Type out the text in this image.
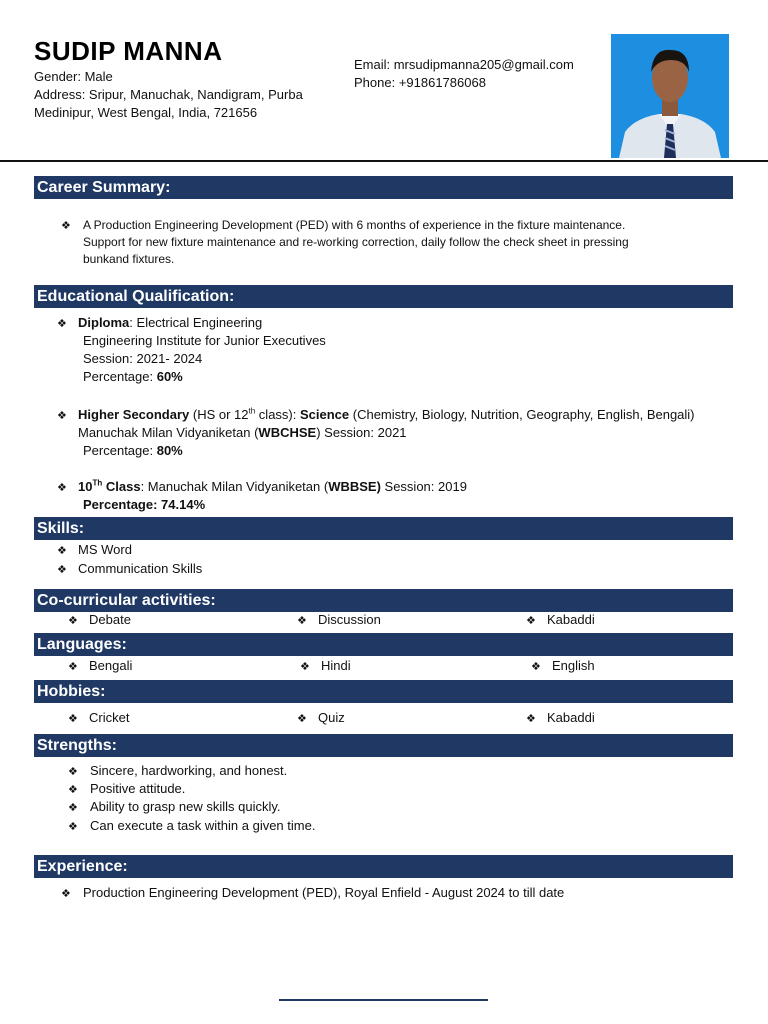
SUDIP MANNA
Gender: Male
Address: Sripur, Manuchak, Nandigram, Purba
Medinipur, West Bengal, India, 721656
Email: mrsudipmanna205@gmail.com
Phone: +91861786068
Career Summary:
❖ A Production Engineering Development (PED) with 6 months of experience in the fixture maintenance.
Support for new fixture maintenance and re-working correction, daily follow the check sheet in pressing
bunkand fixtures.
Educational Qualification:
❖ Diploma: Electrical Engineering
Engineering Institute for Junior Executives
Session: 2021- 2024
Percentage: 60%
❖ Higher Secondary (HS or 12th class): Science (Chemistry, Biology, Nutrition, Geography, English, Bengali)
Manuchak Milan Vidyaniketan (WBCHSE) Session: 2021
Percentage: 80%
❖ 10Th Class: Manuchak Milan Vidyaniketan (WBBSE) Session: 2019
Percentage: 74.14%
Skills:
❖ MS Word
❖ Communication Skills
Co-curricular activities:
❖ Debate	❖ Discussion	❖ Kabaddi
Languages:
❖ Bengali	❖ Hindi	❖ English
Hobbies:
❖ Cricket	❖ Quiz	❖ Kabaddi
Strengths:
❖ Sincere, hardworking, and honest.
❖ Positive attitude.
❖ Ability to grasp new skills quickly.
❖ Can execute a task within a given time.
Experience:
❖ Production Engineering Development (PED), Royal Enfield - August 2024 to till date
